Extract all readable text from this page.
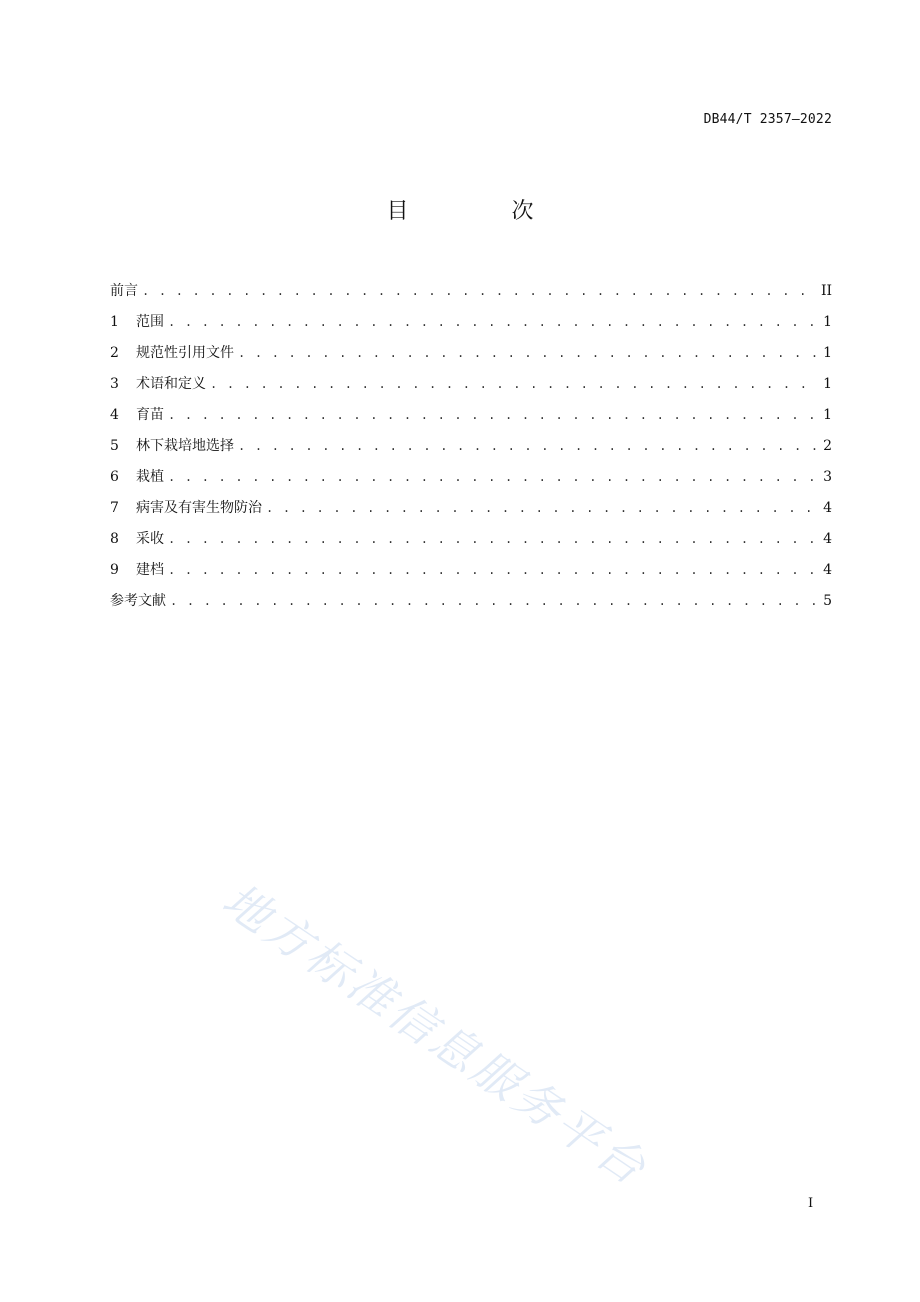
DB44/T 2357—2022
目 次
前言 . . .	II
1	范围 . . .	1
2	规范性引用文件 . . .	1
3	术语和定义 . . .	1
4	育苗 . . .	1
5	林下栽培地选择 . . .	2
6	栽植 . . .	3
7	病害及有害生物防治 . . .	4
8	采收 . . .	4
9	建档 . . .	4
参考文献 . . .	5
地方标准信息服务平台
I
